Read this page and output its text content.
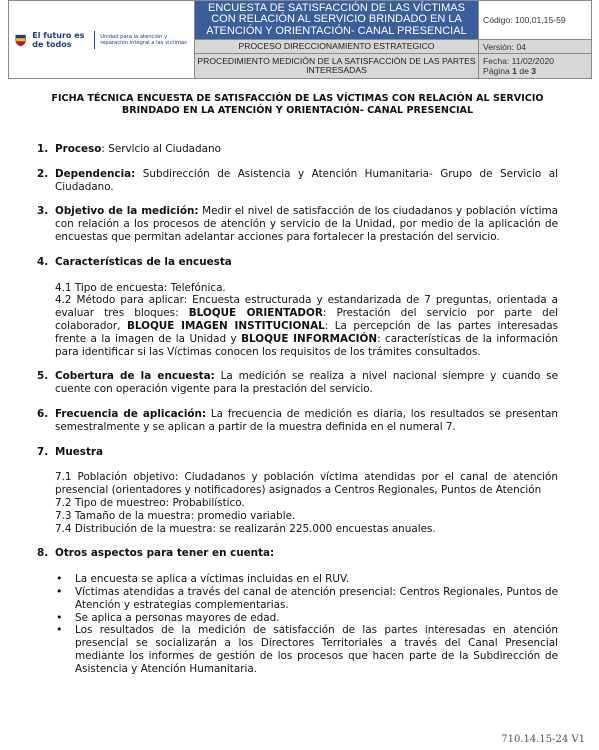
El futuro es de todos
Unidad para la atención y reparación integral a las víctimas	ENCUESTA DE SATISFACCIÓN DE LAS VÍCTIMAS CON RELACIÓN AL SERVICIO BRINDADO EN LA ATENCIÓN Y ORIENTACIÓN- CANAL PRESENCIAL	Código: 100,01,15-59
	PROCESO DIRECCIONAMIENTO ESTRATEGICO	Versión: 04
	PROCEDIMIENTO MEDICIÓN DE LA SATISFACCIÓN DE LAS PARTES INTERESADAS	Fecha: 11/02/2020
Página 1 de 3
FICHA TÉCNICA ENCUESTA DE SATISFACCIÓN DE LAS VÍCTIMAS CON RELACIÓN AL SERVICIO BRINDADO EN LA ATENCIÓN Y ORIENTACIÓN- CANAL PRESENCIAL
1. Proceso: Servicio al Ciudadano
2. Dependencia: Subdirección de Asistencia y Atención Humanitaria- Grupo de Servicio al Ciudadano.
3. Objetivo de la medición: Medir el nivel de satisfacción de los ciudadanos y población víctima con relación a los procesos de atención y servicio de la Unidad, por medio de la aplicación de encuestas que permitan adelantar acciones para fortalecer la prestación del servicio.
4. Características de la encuesta

4.1 Tipo de encuesta: Telefónica.

4.2 Método para aplicar: Encuesta estructurada y estandarizada de 7 preguntas, orientada a evaluar tres bloques: BLOQUE ORIENTADOR: Prestación del servicio por parte del colaborador, BLOQUE IMAGEN INSTITUCIONAL: La percepción de las partes interesadas frente a la imagen de la Unidad y BLOQUE INFORMACIÓN: características de la información para identificar si las Víctimas conocen los requisitos de los trámites consultados.

5. Cobertura de la encuesta: La medición se realiza a nivel nacional siempre y cuando se cuente con operación vigente para la prestación del servicio.
6. Frecuencia de aplicación: La frecuencia de medición es diaria, los resultados se presentan semestralmente y se aplican a partir de la muestra definida en el numeral 7.
7. Muestra

7.1 Población objetivo: Ciudadanos y población víctima atendidas por el canal de atención presencial (orientadores y notificadores) asignados a Centros Regionales, Puntos de Atención

7.2 Tipo de muestreo: Probabilístico.

7.3 Tamaño de la muestra: promedio variable.

7.4 Distribución de la muestra: se realizarán 225.000 encuestas anuales.

8. Otros aspectos para tener en cuenta:
• La encuesta se aplica a víctimas incluidas en el RUV.
• Víctimas atendidas a través del canal de atención presencial: Centros Regionales, Puntos de Atención y estrategias complementarias.
• Se aplica a personas mayores de edad.
• Los resultados de la medición de satisfacción de las partes interesadas en atención presencial se socializarán a los Directores Territoriales a través del Canal Presencial mediante los informes de gestión de los procesos que hacen parte de la Subdirección de Asistencia y Atención Humanitaria.
710.14.15-24 V1
